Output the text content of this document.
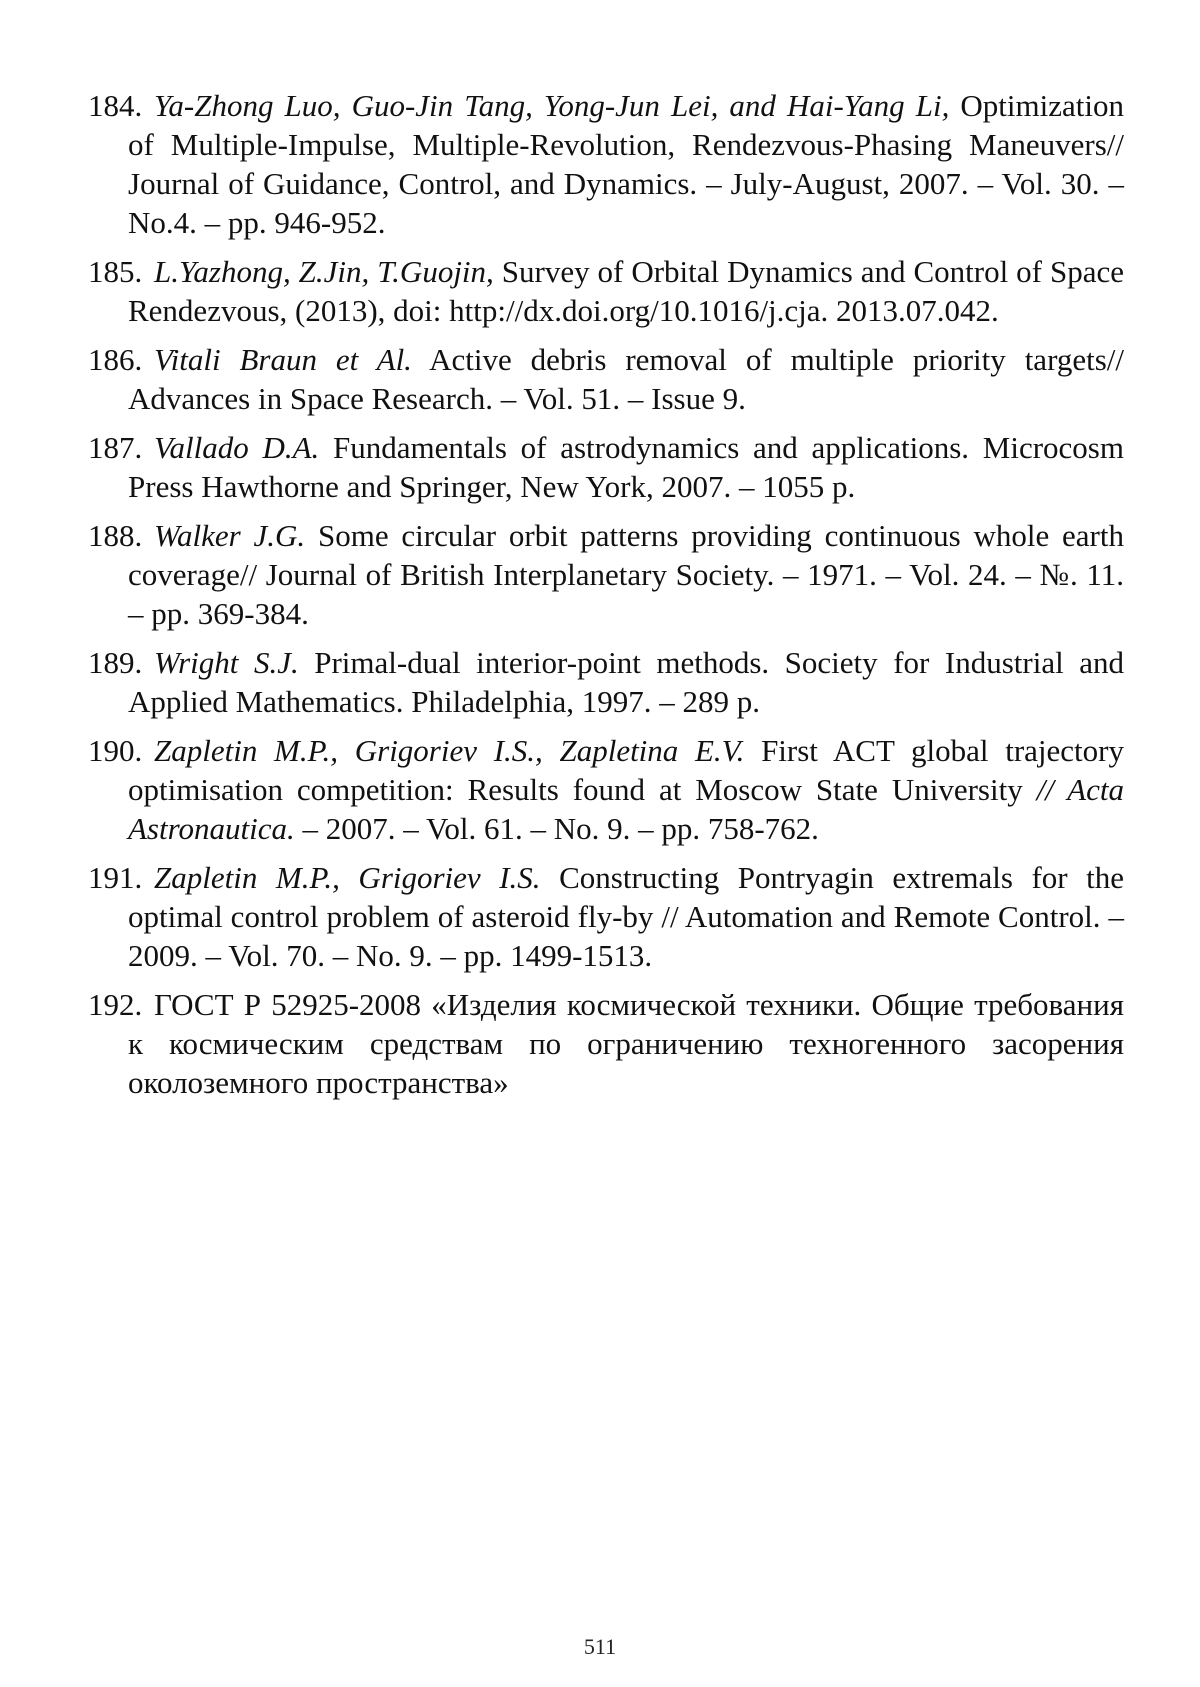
184. Ya-Zhong Luo, Guo-Jin Tang, Yong-Jun Lei, and Hai-Yang Li, Optimization of Multiple-Impulse, Multiple-Revolution, Rendezvous-Phasing Maneuvers// Journal of Guidance, Control, and Dynamics. – July-August, 2007. – Vol. 30. – No.4. – pp. 946-952.
185. L.Yazhong, Z.Jin, T.Guojin, Survey of Orbital Dynamics and Control of Space Rendezvous, (2013), doi: http://dx.doi.org/10.1016/j.cja. 2013.07.042.
186. Vitali Braun et Al. Active debris removal of multiple priority targets// Advances in Space Research. – Vol. 51. – Issue 9.
187. Vallado D.A. Fundamentals of astrodynamics and applications. Microcosm Press Hawthorne and Springer, New York, 2007. – 1055 p.
188. Walker J.G. Some circular orbit patterns providing continuous whole earth coverage// Journal of British Interplanetary Society. – 1971. – Vol. 24. – №. 11. – pp. 369-384.
189. Wright S.J. Primal-dual interior-point methods. Society for Industrial and Applied Mathematics. Philadelphia, 1997. – 289 p.
190. Zapletin M.P., Grigoriev I.S., Zapletina E.V. First ACT global trajectory optimisation competition: Results found at Moscow State University // Acta Astronautica. – 2007. – Vol. 61. – No. 9. – pp. 758-762.
191. Zapletin M.P., Grigoriev I.S. Constructing Pontryagin extremals for the optimal control problem of asteroid fly-by // Automation and Remote Control. – 2009. – Vol. 70. – No. 9. – pp. 1499-1513.
192. ГОСТ Р 52925-2008 «Изделия космической техники. Общие требования к космическим средствам по ограничению техногенного засорения околоземного пространства»
511
